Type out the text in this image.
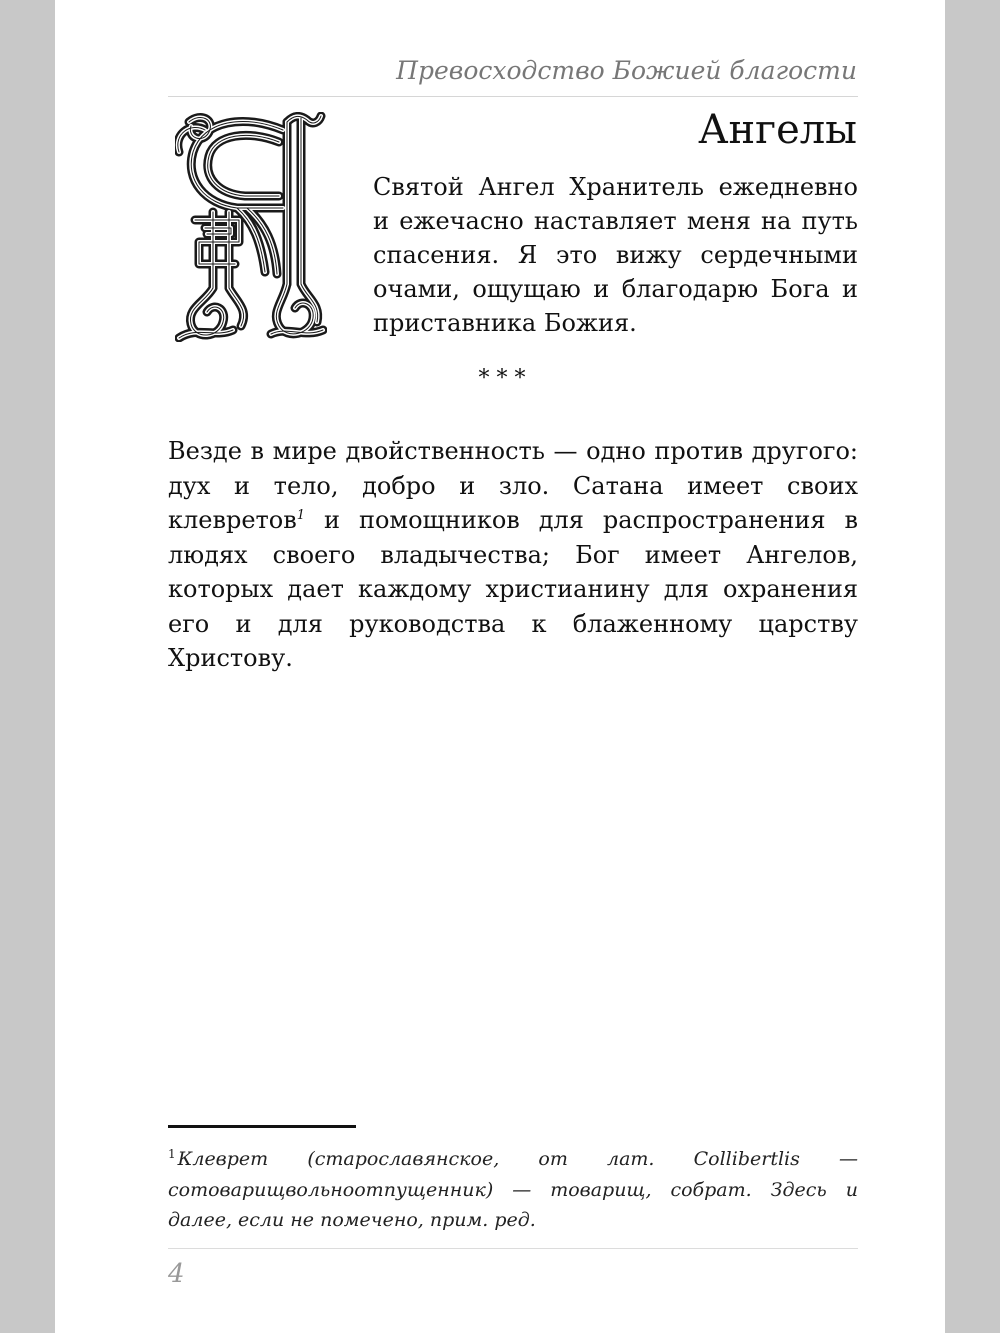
Превосходство Божией благости
Ангелы

Святой Ангел Хранитель ежедневно и ежечасно наставляет меня на путь спасения. Я это вижу сердечными очами, ощущаю и благодарю Бога и приставника Божия.

* * *

Везде в мире двойственность — одно против другого: дух и тело, добро и зло. Сатана имеет своих клевретов$^1$ и помощников для распространения в людях своего владычества; Бог имеет Ангелов, которых дает каждому христианину для охранения его и для руководства к блаженному царству Христову.

$^1$ Клеврет (старославянское, от лат. Collibertlis — сотоварищвольноотпущенник) — товарищ, собрат. Здесь и далее, если не помечено, прим. ред.

4
